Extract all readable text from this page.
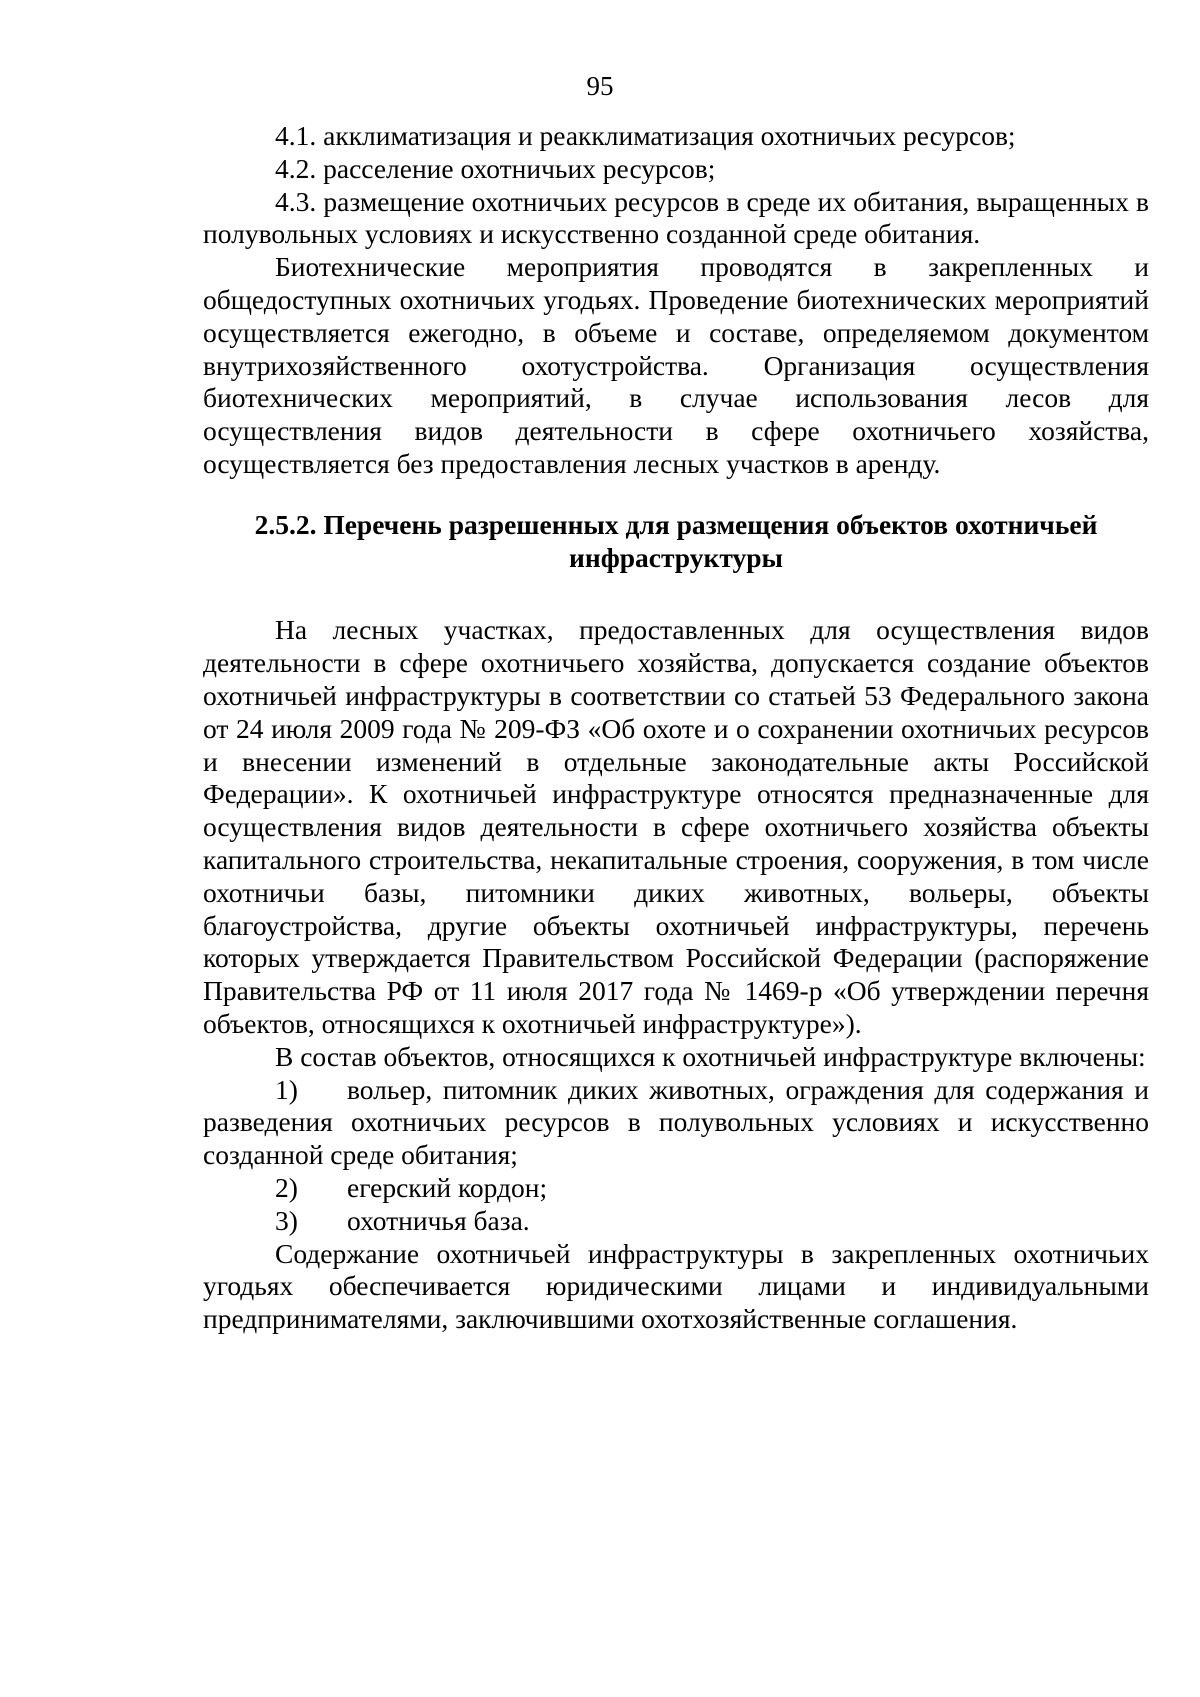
95

4.1. акклиматизация и реакклиматизация охотничьих ресурсов;

4.2. расселение охотничьих ресурсов;

4.3. размещение охотничьих ресурсов в среде их обитания, выращенных в полувольных условиях и искусственно созданной среде обитания.

Биотехнические мероприятия проводятся в закрепленных и общедоступных охотничьих угодьях. Проведение биотехнических мероприятий осуществляется ежегодно, в объеме и составе, определяемом документом внутрихозяйственного охотустройства. Организация осуществления биотехнических мероприятий, в случае использования лесов для осуществления видов деятельности в сфере охотничьего хозяйства, осуществляется без предоставления лесных участков в аренду.

2.5.2. Перечень разрешенных для размещения объектов охотничьей инфраструктуры

На лесных участках, предоставленных для осуществления видов деятельности в сфере охотничьего хозяйства, допускается создание объектов охотничьей инфраструктуры в соответствии со статьей 53 Федерального закона от 24 июля 2009 года № 209-ФЗ «Об охоте и о сохранении охотничьих ресурсов и внесении изменений в отдельные законодательные акты Российской Федерации». К охотничьей инфраструктуре относятся предназначенные для осуществления видов деятельности в сфере охотничьего хозяйства объекты капитального строительства, некапитальные строения, сооружения, в том числе охотничьи базы, питомники диких животных, вольеры, объекты благоустройства, другие объекты охотничьей инфраструктуры, перечень которых утверждается Правительством Российской Федерации (распоряжение Правительства РФ от 11 июля 2017 года № 1469-р «Об утверждении перечня объектов, относящихся к охотничьей инфраструктуре»).

В состав объектов, относящихся к охотничьей инфраструктуре включены:

1) вольер, питомник диких животных, ограждения для содержания и разведения охотничьих ресурсов в полувольных условиях и искусственно созданной среде обитания;

2) егерский кордон;

3) охотничья база.

Содержание охотничьей инфраструктуры в закрепленных охотничьих угодьях обеспечивается юридическими лицами и индивидуальными предпринимателями, заключившими охотхозяйственные соглашения.
